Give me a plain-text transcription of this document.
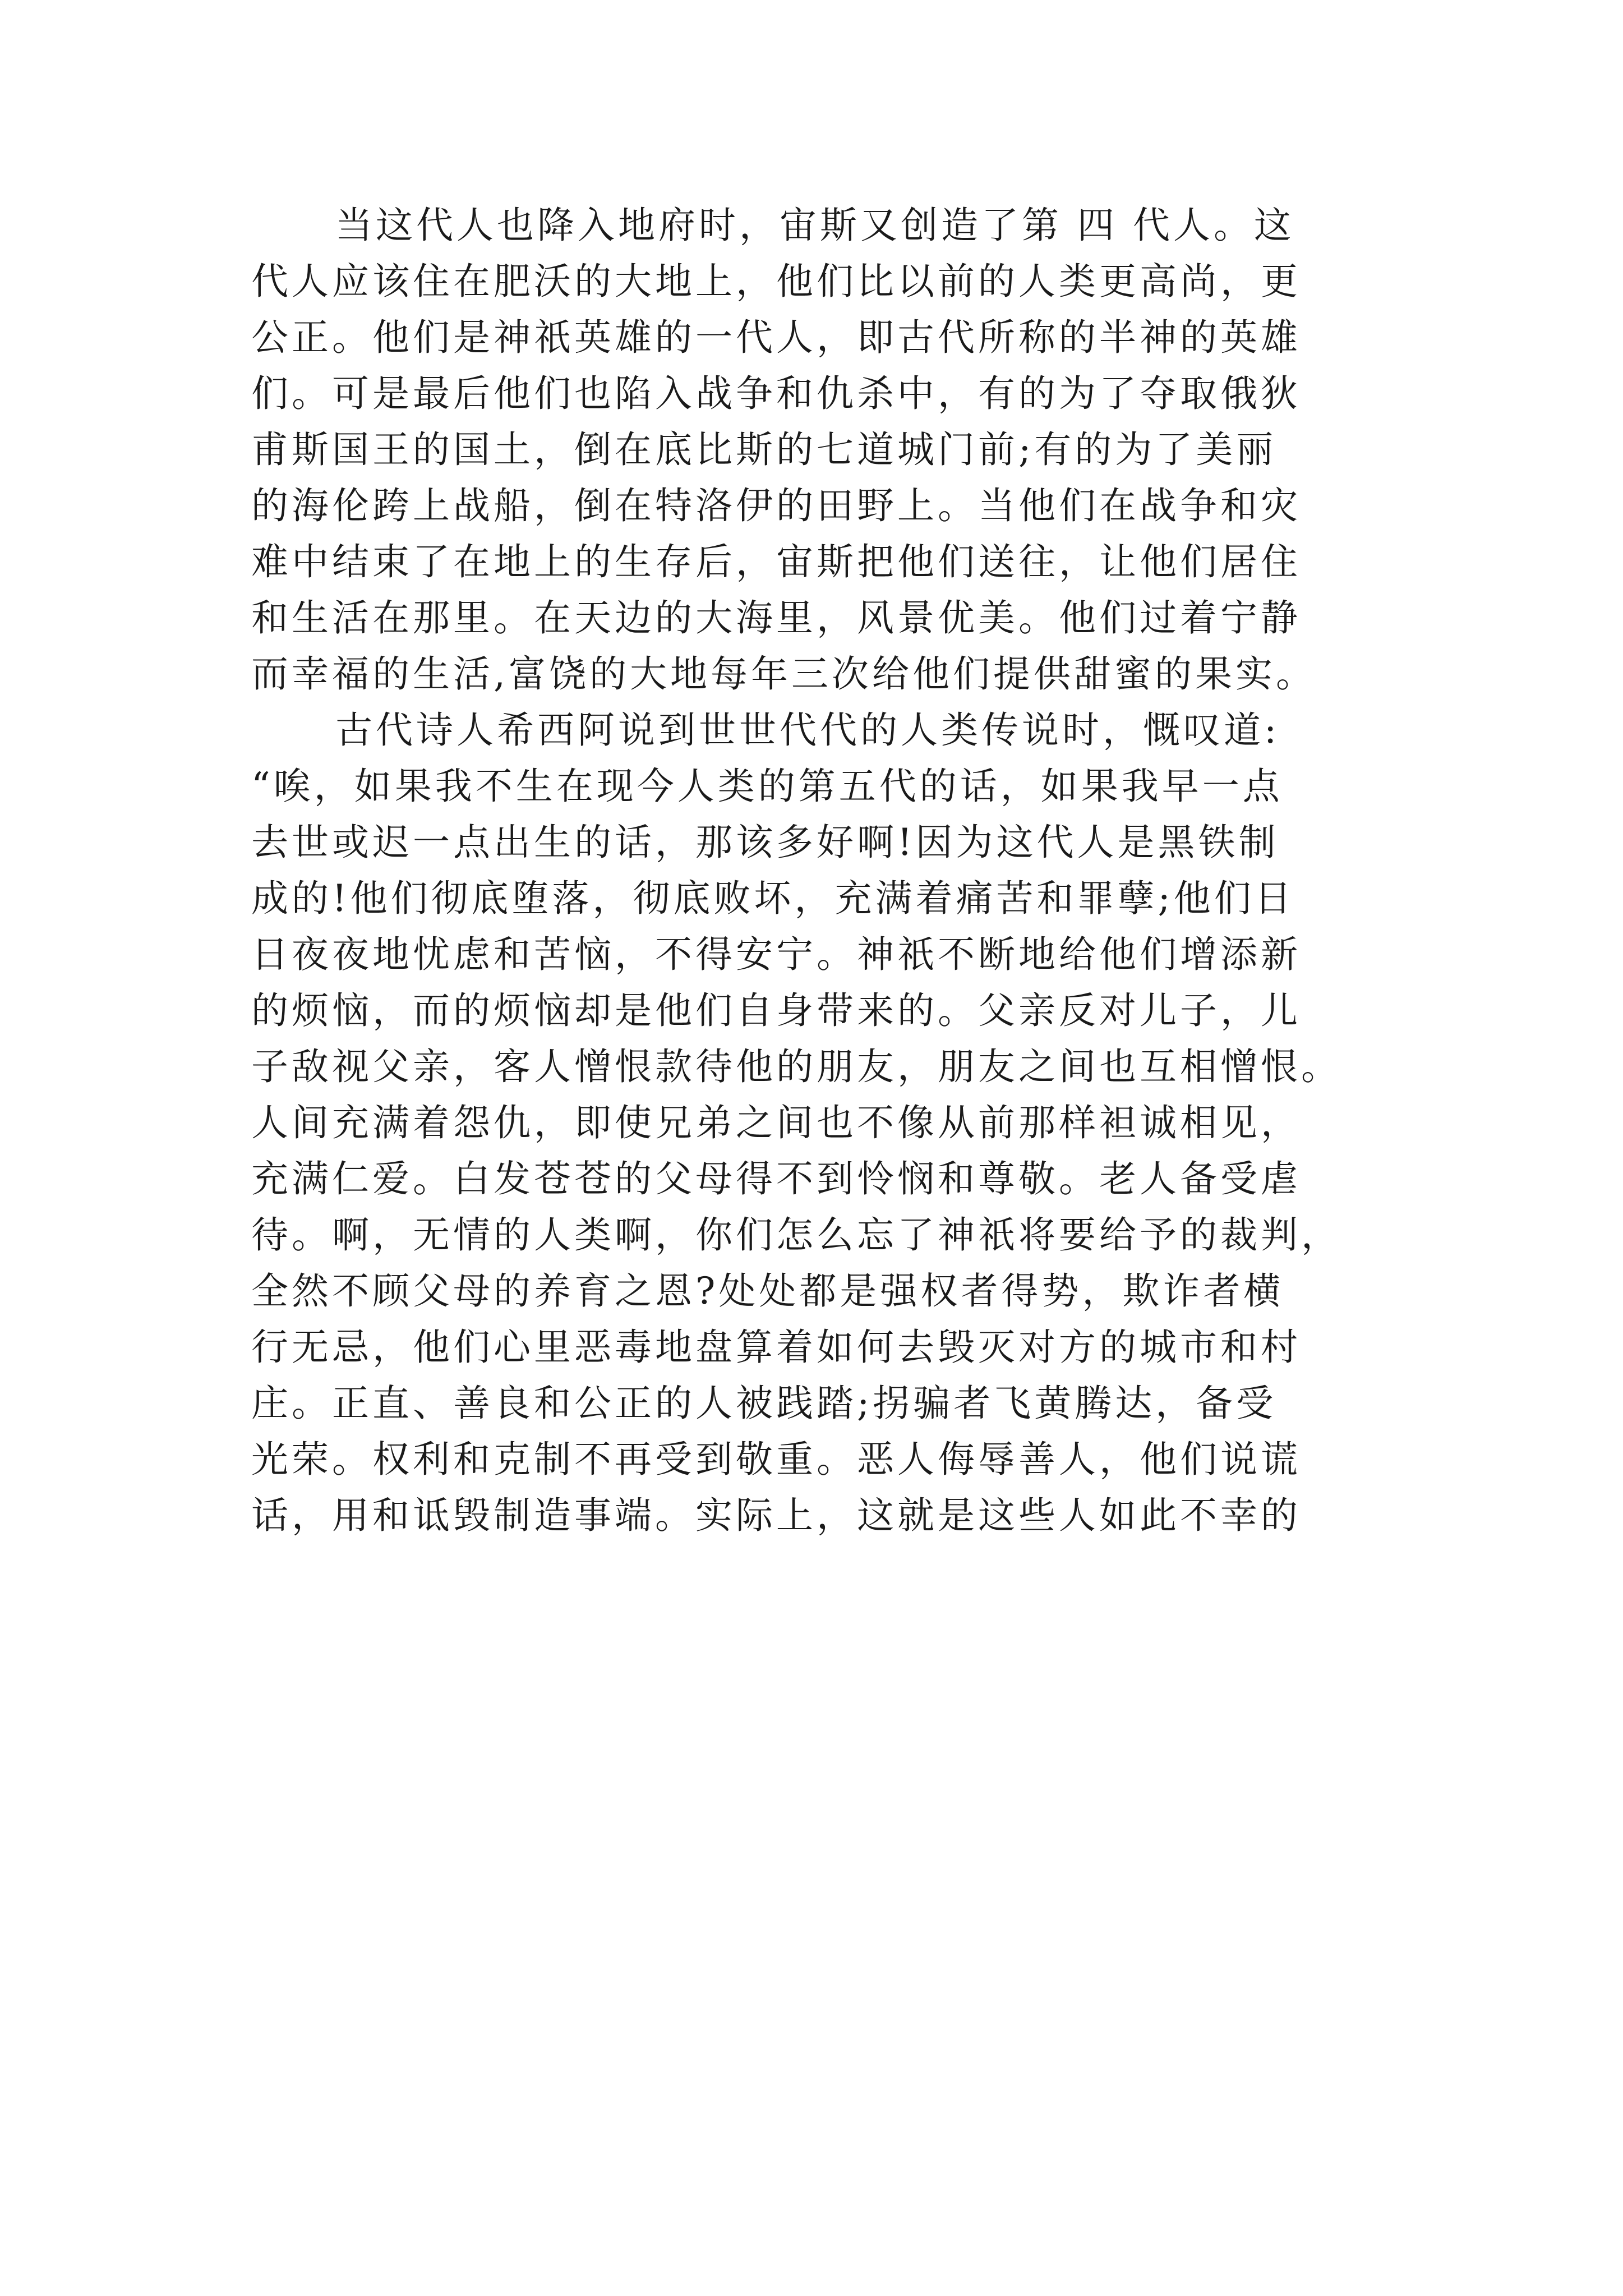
当这代人也降入地府时，宙斯又创造了第 四 代人。这
代人应该住在肥沃的大地上，他们比以前的人类更高尚，更
公正。他们是神祇英雄的一代人，即古代所称的半神的英雄
们。可是最后他们也陷入战争和仇杀中，有的为了夺取俄狄
甫斯国王的国土，倒在底比斯的七道城门前;有的为了美丽
的海伦跨上战船，倒在特洛伊的田野上。当他们在战争和灾
难中结束了在地上的生存后，宙斯把他们送往，让他们居住
和生活在那里。在天边的大海里，风景优美。他们过着宁静
而幸福的生活,富饶的大地每年三次给他们提供甜蜜的果实。
古代诗人希西阿说到世世代代的人类传说时，慨叹道:
“唉，如果我不生在现今人类的第五代的话，如果我早一点
去世或迟一点出生的话，那该多好啊!因为这代人是黑铁制
成的!他们彻底堕落，彻底败坏，充满着痛苦和罪孽;他们日
日夜夜地忧虑和苦恼，不得安宁。神祇不断地给他们增添新
的烦恼，而的烦恼却是他们自身带来的。父亲反对儿子，儿
子敌视父亲，客人憎恨款待他的朋友，朋友之间也互相憎恨。
人间充满着怨仇，即使兄弟之间也不像从前那样袒诚相见，
充满仁爱。白发苍苍的父母得不到怜悯和尊敬。老人备受虐
待。啊，无情的人类啊，你们怎么忘了神祇将要给予的裁判，
全然不顾父母的养育之恩?处处都是强权者得势，欺诈者横
行无忌，他们心里恶毒地盘算着如何去毁灭对方的城市和村
庄。正直、善良和公正的人被践踏;拐骗者飞黄腾达，备受
光荣。权利和克制不再受到敬重。恶人侮辱善人，他们说谎
话，用和诋毁制造事端。实际上，这就是这些人如此不幸的
